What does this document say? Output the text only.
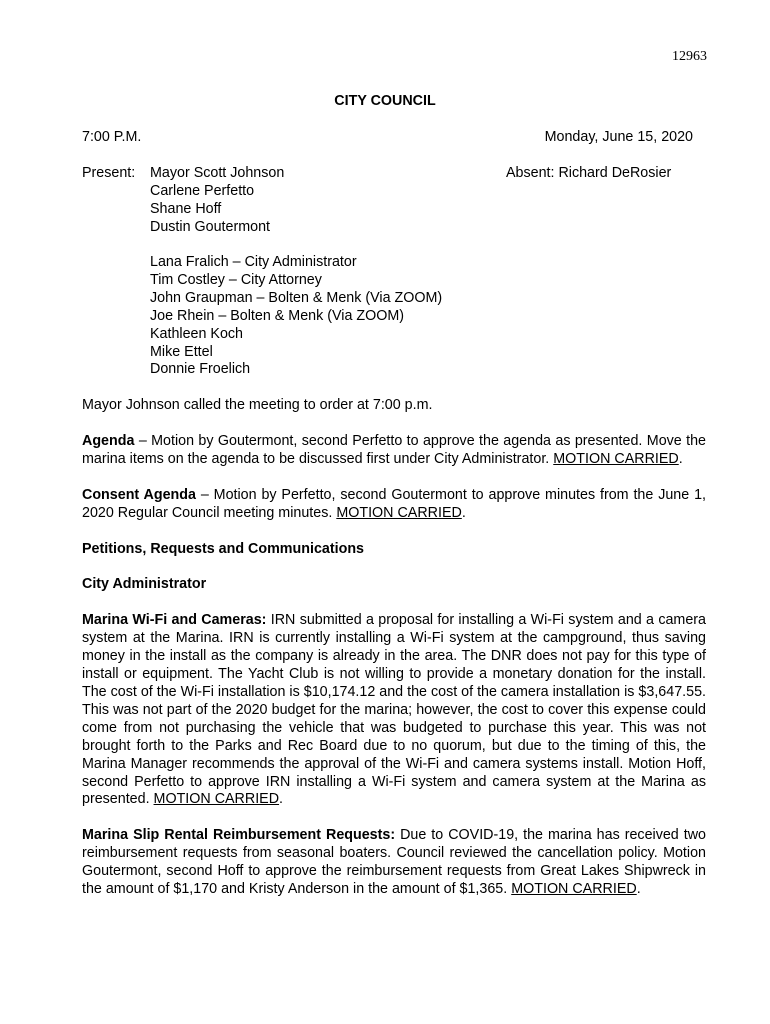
12963
CITY COUNCIL
7:00 P.M.	Monday, June 15, 2020
Present:	Absent: Richard DeRosier
Mayor Scott Johnson
Carlene Perfetto
Shane Hoff
Dustin Goutermont
Lana Fralich – City Administrator
Tim Costley – City Attorney
John Graupman – Bolten & Menk (Via ZOOM)
Joe Rhein – Bolten & Menk (Via ZOOM)
Kathleen Koch
Mike Ettel
Donnie Froelich

Mayor Johnson called the meeting to order at 7:00 p.m.

Agenda – Motion by Goutermont, second Perfetto to approve the agenda as presented. Move the marina items on the agenda to be discussed first under City Administrator. MOTION CARRIED.

Consent Agenda – Motion by Perfetto, second Goutermont to approve minutes from the June 1, 2020 Regular Council meeting minutes. MOTION CARRIED.

Petitions, Requests and Communications

City Administrator

Marina Wi-Fi and Cameras: IRN submitted a proposal for installing a Wi-Fi system and a camera system at the Marina. IRN is currently installing a Wi-Fi system at the campground, thus saving money in the install as the company is already in the area. The DNR does not pay for this type of install or equipment. The Yacht Club is not willing to provide a monetary donation for the install. The cost of the Wi-Fi installation is $10,174.12 and the cost of the camera installation is $3,647.55. This was not part of the 2020 budget for the marina; however, the cost to cover this expense could come from not purchasing the vehicle that was budgeted to purchase this year. This was not brought forth to the Parks and Rec Board due to no quorum, but due to the timing of this, the Marina Manager recommends the approval of the Wi-Fi and camera systems install. Motion Hoff, second Perfetto to approve IRN installing a Wi-Fi system and camera system at the Marina as presented. MOTION CARRIED.

Marina Slip Rental Reimbursement Requests: Due to COVID-19, the marina has received two reimbursement requests from seasonal boaters. Council reviewed the cancellation policy. Motion Goutermont, second Hoff to approve the reimbursement requests from Great Lakes Shipwreck in the amount of $1,170 and Kristy Anderson in the amount of $1,365. MOTION CARRIED.
